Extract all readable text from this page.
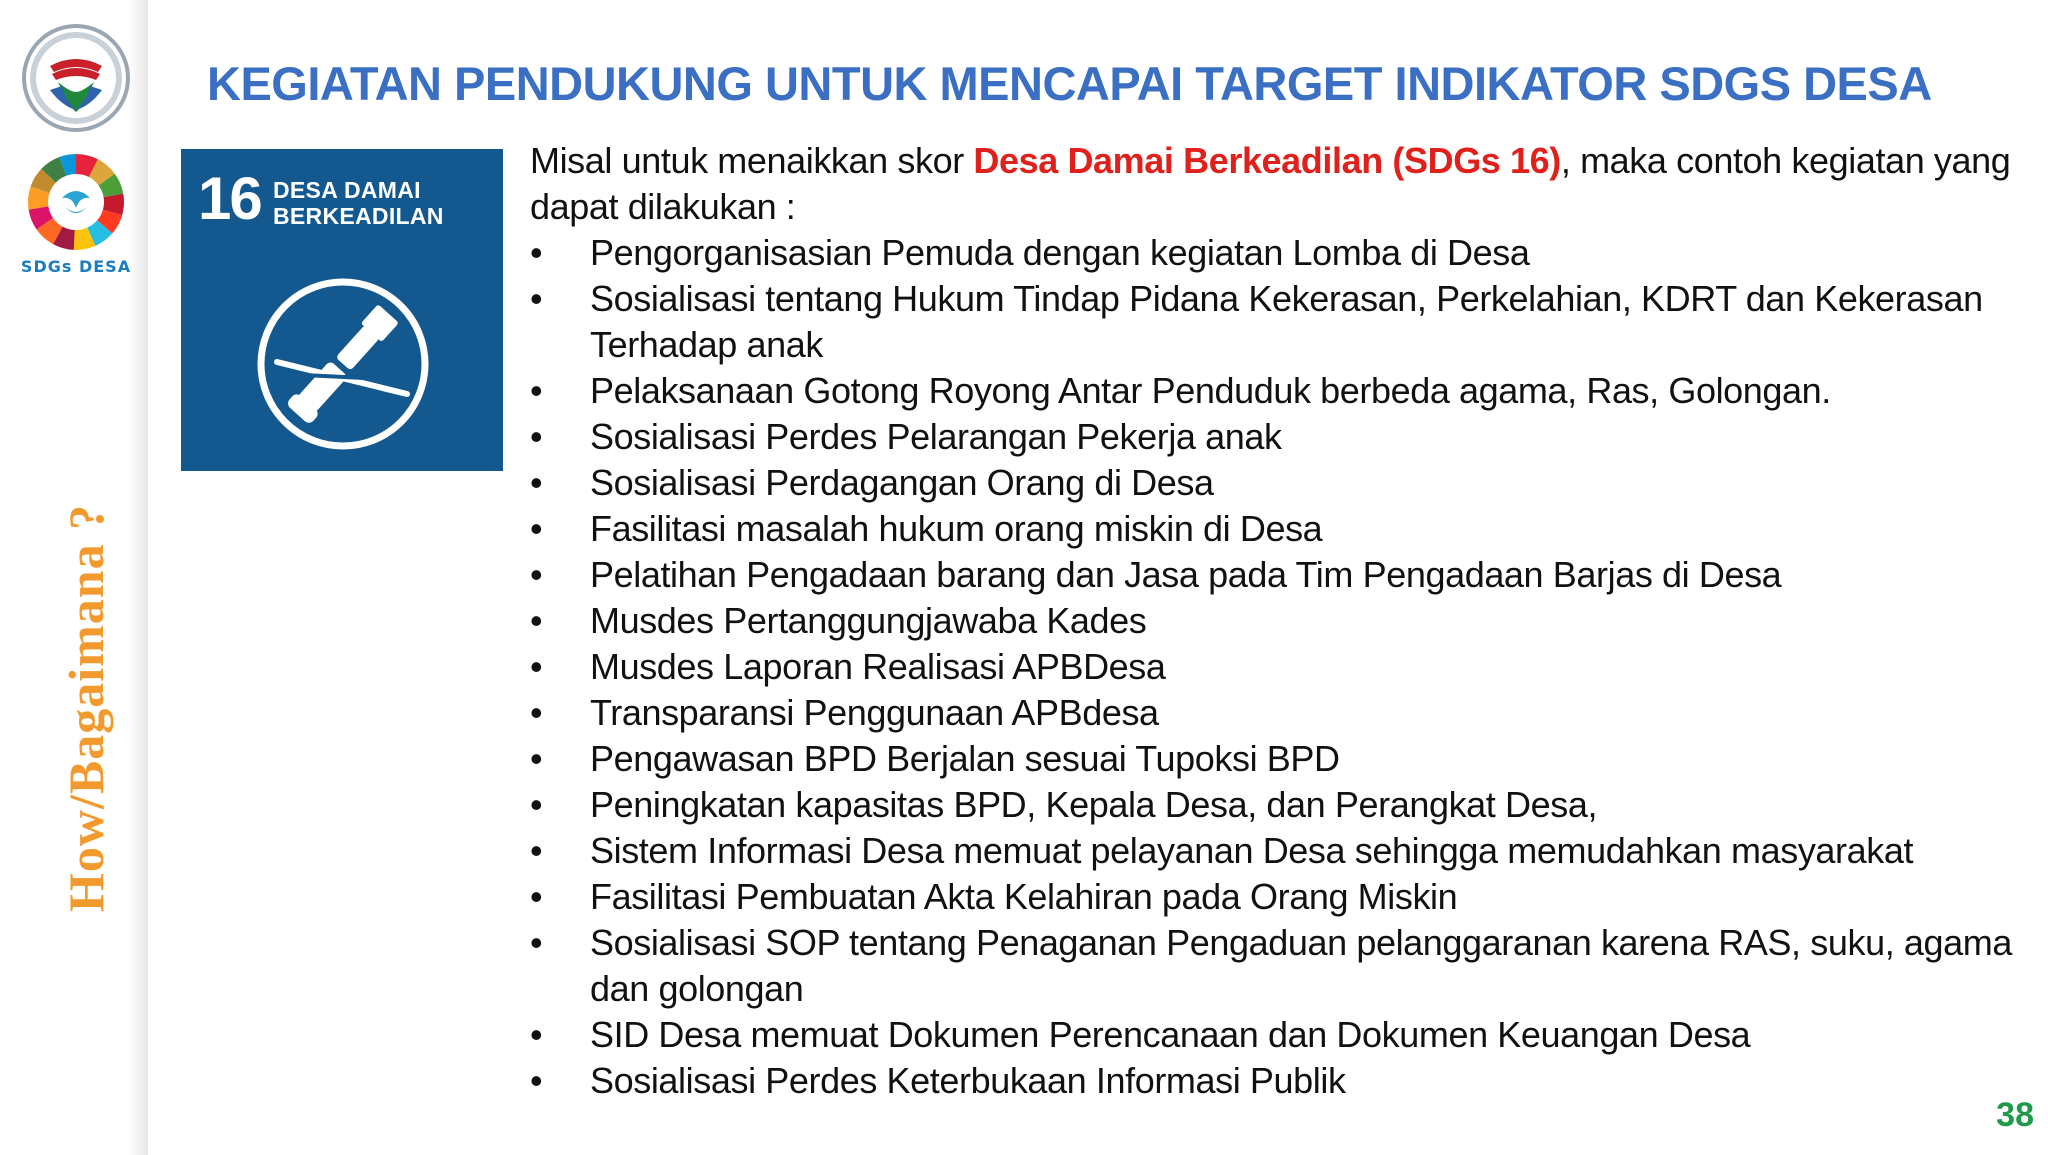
SDGs DESA
How/Bagaimana ?
KEGIATAN PENDUKUNG UNTUK MENCAPAI TARGET INDIKATOR SDGS DESA
16 DESA DAMAI
BERKEADILAN

Misal untuk menaikkan skor Desa Damai Berkeadilan (SDGs 16), maka contoh kegiatan yang dapat dilakukan :

• Pengorganisasian Pemuda dengan kegiatan Lomba di Desa
• Sosialisasi tentang Hukum Tindap Pidana Kekerasan, Perkelahian, KDRT dan Kekerasan Terhadap anak
• Pelaksanaan Gotong Royong Antar Penduduk berbeda agama, Ras, Golongan.
• Sosialisasi Perdes Pelarangan Pekerja anak
• Sosialisasi Perdagangan Orang di Desa
• Fasilitasi masalah hukum orang miskin di Desa
• Pelatihan Pengadaan barang dan Jasa pada Tim Pengadaan Barjas di Desa
• Musdes Pertanggungjawaba Kades
• Musdes Laporan Realisasi APBDesa
• Transparansi Penggunaan APBdesa
• Pengawasan BPD Berjalan sesuai Tupoksi BPD
• Peningkatan kapasitas BPD, Kepala Desa, dan Perangkat Desa,
• Sistem Informasi Desa memuat pelayanan Desa sehingga memudahkan masyarakat
• Fasilitasi Pembuatan Akta Kelahiran pada Orang Miskin
• Sosialisasi SOP tentang Penaganan Pengaduan pelanggaranan karena RAS, suku, agama dan golongan
• SID Desa memuat Dokumen Perencanaan dan Dokumen Keuangan Desa
• Sosialisasi Perdes Keterbukaan Informasi Publik
38
